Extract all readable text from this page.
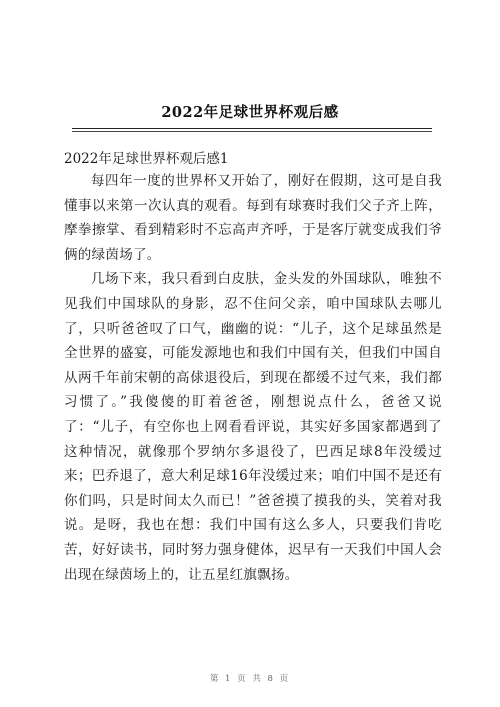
2022年足球世界杯观后感
2022年足球世界杯观后感1

每四年一度的世界杯又开始了，刚好在假期，这可是自我懂事以来第一次认真的观看。每到有球赛时我们父子齐上阵，摩拳擦掌、看到精彩时不忘高声齐呼，于是客厅就变成我们爷俩的绿茵场了。

几场下来，我只看到白皮肤，金头发的外国球队，唯独不见我们中国球队的身影，忍不住问父亲，咱中国球队去哪儿了，只听爸爸叹了口气，幽幽的说：“儿子，这个足球虽然是全世界的盛宴，可能发源地也和我们中国有关，但我们中国自从两千年前宋朝的高俅退役后，到现在都缓不过气来，我们都习惯了。”我傻傻的盯着爸爸，刚想说点什么，爸爸又说了：“儿子，有空你也上网看看评说，其实好多国家都遇到了这种情况，就像那个罗纳尔多退役了，巴西足球8年没缓过来；巴乔退了，意大利足球16年没缓过来；咱们中国不是还有你们吗，只是时间太久而已！”爸爸摸了摸我的头，笑着对我说。是呀，我也在想：我们中国有这么多人，只要我们肯吃苦，好好读书，同时努力强身健体，迟早有一天我们中国人会出现在绿茵场上的，让五星红旗飘扬。

第 1 页 共 8 页
